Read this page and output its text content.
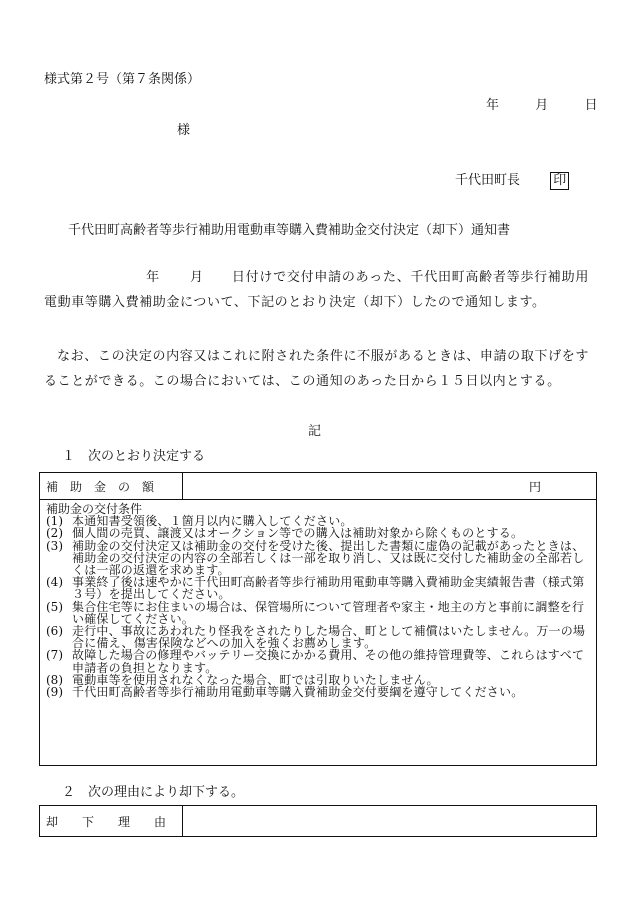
様式第２号（第７条関係）
年	月	日
様
千代田町長	印
千代田町高齢者等歩行補助用電動車等購入費補助金交付決定（却下）通知書
年 月 日付けで交付申請のあった、千代田町高齢者等歩行補助用電動車等購入費補助金について、下記のとおり決定（却下）したので通知します。
なお、この決定の内容又はこれに附された条件に不服があるときは、申請の取下げをすることができる。この場合においては、この通知のあった日から１５日以内とする。
記
１　次のとおり決定する
補　助　金　の　額	円
補助金の交付条件
(1) 本通知書受領後、１箇月以内に購入してください。
(2) 個人間の売買、譲渡又はオークション等での購入は補助対象から除くものとする。
(3) 補助金の交付決定又は補助金の交付を受けた後、提出した書類に虚偽の記載があったときは、補助金の交付決定の内容の全部若しくは一部を取り消し、又は既に交付した補助金の全部若しくは一部の返還を求めます。
(4) 事業終了後は速やかに千代田町高齢者等歩行補助用電動車等購入費補助金実績報告書（様式第３号）を提出してください。
(5) 集合住宅等にお住まいの場合は、保管場所について管理者や家主・地主の方と事前に調整を行い確保してください。
(6) 走行中、事故にあわれたり怪我をされたりした場合、町として補償はいたしません。万一の場合に備え、傷害保険などへの加入を強くお薦めします。
(7) 故障した場合の修理やバッテリー交換にかかる費用、その他の維持管理費等、これらはすべて申請者の負担となります。
(8) 電動車等を使用されなくなった場合、町では引取りいたしません。
(9) 千代田町高齢者等歩行補助用電動車等購入費補助金交付要綱を遵守してください。
２　次の理由により却下する。
却　　下　　理　　由	
